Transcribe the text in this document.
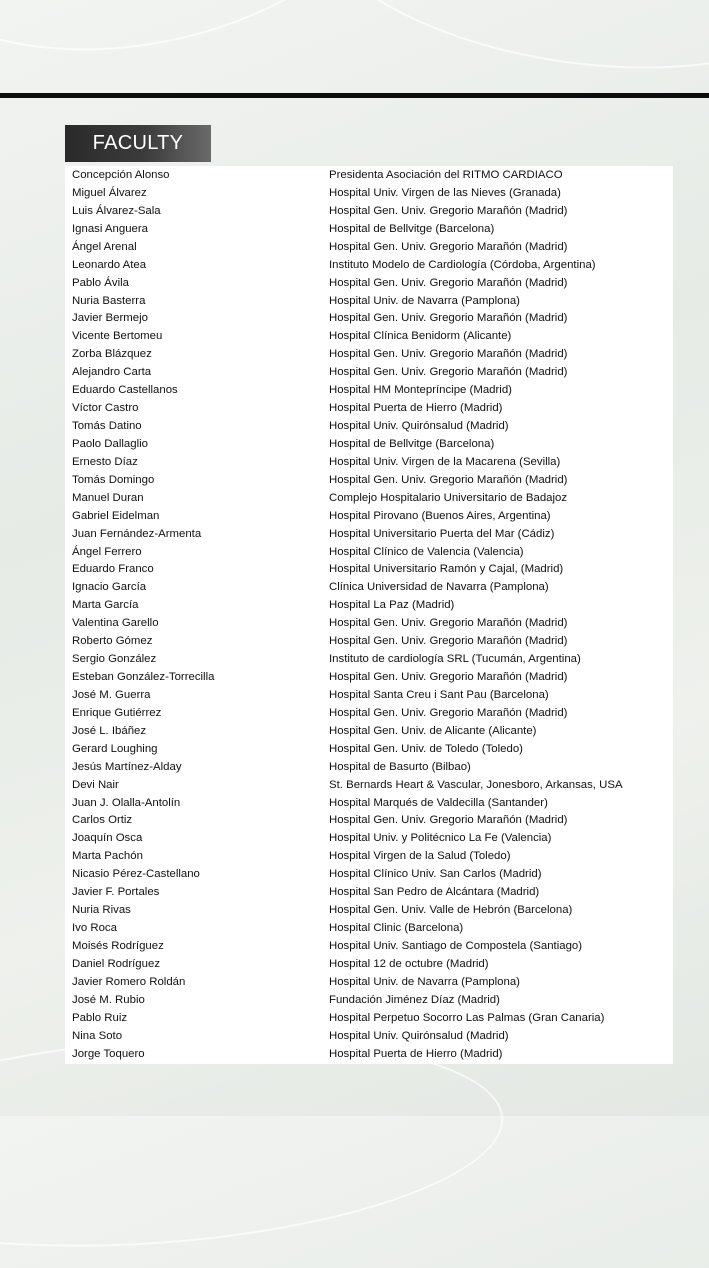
FACULTY
Concepción Alonso	Presidenta Asociación del RITMO CARDIACO
Miguel Álvarez	Hospital Univ. Virgen de las Nieves (Granada)
Luis Álvarez-Sala	Hospital Gen. Univ. Gregorio Marañón (Madrid)
Ignasi Anguera	Hospital de Bellvitge (Barcelona)
Ángel Arenal	Hospital Gen. Univ. Gregorio Marañón (Madrid)
Leonardo Atea	Instituto Modelo de Cardiología (Córdoba, Argentina)
Pablo Ávila	Hospital Gen. Univ. Gregorio Marañón (Madrid)
Nuria Basterra	Hospital Univ. de Navarra (Pamplona)
Javier Bermejo	Hospital Gen. Univ. Gregorio Marañón (Madrid)
Vicente Bertomeu	Hospital Clínica Benidorm (Alicante)
Zorba Blázquez	Hospital Gen. Univ. Gregorio Marañón (Madrid)
Alejandro Carta	Hospital Gen. Univ. Gregorio Marañón (Madrid)
Eduardo Castellanos	Hospital HM Montepríncipe (Madrid)
Víctor Castro	Hospital Puerta de Hierro (Madrid)
Tomás Datino	Hospital Univ. Quirónsalud (Madrid)
Paolo Dallaglio	Hospital de Bellvitge (Barcelona)
Ernesto Díaz	Hospital Univ. Virgen de la Macarena (Sevilla)
Tomás Domingo	Hospital Gen. Univ. Gregorio Marañón (Madrid)
Manuel Duran	Complejo Hospitalario Universitario de Badajoz
Gabriel Eidelman	Hospital Pirovano (Buenos Aires, Argentina)
Juan Fernández-Armenta	Hospital Universitario Puerta del Mar (Cádiz)
Ángel Ferrero	Hospital Clínico de Valencia (Valencia)
Eduardo Franco	Hospital Universitario Ramón y Cajal, (Madrid)
Ignacio García	Clínica Universidad de Navarra (Pamplona)
Marta García	Hospital La Paz (Madrid)
Valentina Garello	Hospital Gen. Univ. Gregorio Marañón (Madrid)
Roberto Gómez	Hospital Gen. Univ. Gregorio Marañón (Madrid)
Sergio González	Instituto de cardiología SRL (Tucumán, Argentina)
Esteban González-Torrecilla	Hospital Gen. Univ. Gregorio Marañón (Madrid)
José M. Guerra	Hospital Santa Creu i Sant Pau (Barcelona)
Enrique Gutiérrez	Hospital Gen. Univ. Gregorio Marañón (Madrid)
José L. Ibáñez	Hospital Gen. Univ. de Alicante (Alicante)
Gerard Loughing	Hospital Gen. Univ. de Toledo (Toledo)
Jesús Martínez-Alday	Hospital de Basurto (Bilbao)
Devi Nair	St. Bernards Heart & Vascular, Jonesboro, Arkansas, USA
Juan J. Olalla-Antolín	Hospital Marqués de Valdecilla (Santander)
Carlos Ortiz	Hospital Gen. Univ. Gregorio Marañón (Madrid)
Joaquín Osca	Hospital Univ. y Politécnico La Fe (Valencia)
Marta Pachón	Hospital Virgen de la Salud (Toledo)
Nicasio Pérez-Castellano	Hospital Clínico Univ. San Carlos (Madrid)
Javier F. Portales	Hospital San Pedro de Alcántara (Madrid)
Nuria Rivas	Hospital Gen. Univ. Valle de Hebrón (Barcelona)
Ivo Roca	Hospital Clinic (Barcelona)
Moisés Rodríguez	Hospital Univ. Santiago de Compostela (Santiago)
Daniel Rodríguez	Hospital 12 de octubre (Madrid)
Javier Romero Roldán	Hospital Univ. de Navarra (Pamplona)
José M. Rubio	Fundación Jiménez Díaz (Madrid)
Pablo Ruiz	Hospital Perpetuo Socorro Las Palmas (Gran Canaria)
Nina Soto	Hospital Univ. Quirónsalud (Madrid)
Jorge Toquero	Hospital Puerta de Hierro (Madrid)
